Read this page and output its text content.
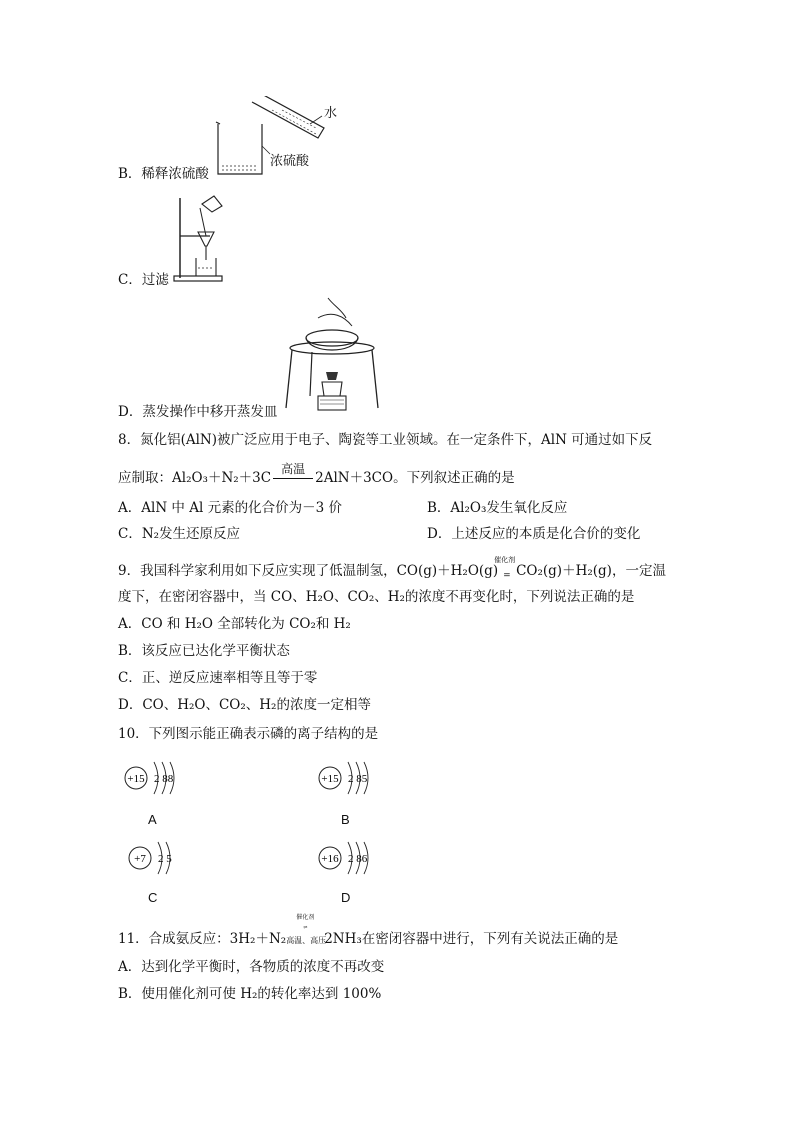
水
浓硫酸
B．稀释浓硫酸
C．过滤
D．蒸发操作中移开蒸发皿
8．氮化铝(AlN)被广泛应用于电子、陶瓷等工业领域。在一定条件下，AlN 可通过如下反
应制取：Al₂O₃＋N₂＋3C
高温
2AlN＋3CO。下列叙述正确的是
A．AlN 中 Al 元素的化合价为－3 价	B．Al₂O₃发生氧化反应
C．N₂发生还原反应	D．上述反应的本质是化合价的变化
9．我国科学家利用如下反应实现了低温制氢，CO(g)＋H₂O(g)
催化剂
= CO₂(g)＋H₂(g)，一定温
度下，在密闭容器中，当 CO、H₂O、CO₂、H₂的浓度不再变化时，下列说法正确的是
A．CO 和 H₂O 全部转化为 CO₂和 H₂
B．该反应已达化学平衡状态
C．正、逆反应速率相等且等于零
D．CO、H₂O、CO₂、H₂的浓度一定相等
10．下列图示能正确表示磷的离子结构的是
+15 2 88
A
+15 2 85
B
+7 2 5
C
+16 2 86
D
11．合成氨反应：3H₂＋N₂
催化剂
⇌
高温、高压
2NH₃在密闭容器中进行，下列有关说法正确的是
A．达到化学平衡时，各物质的浓度不再改变
B．使用催化剂可使 H₂的转化率达到 100%
